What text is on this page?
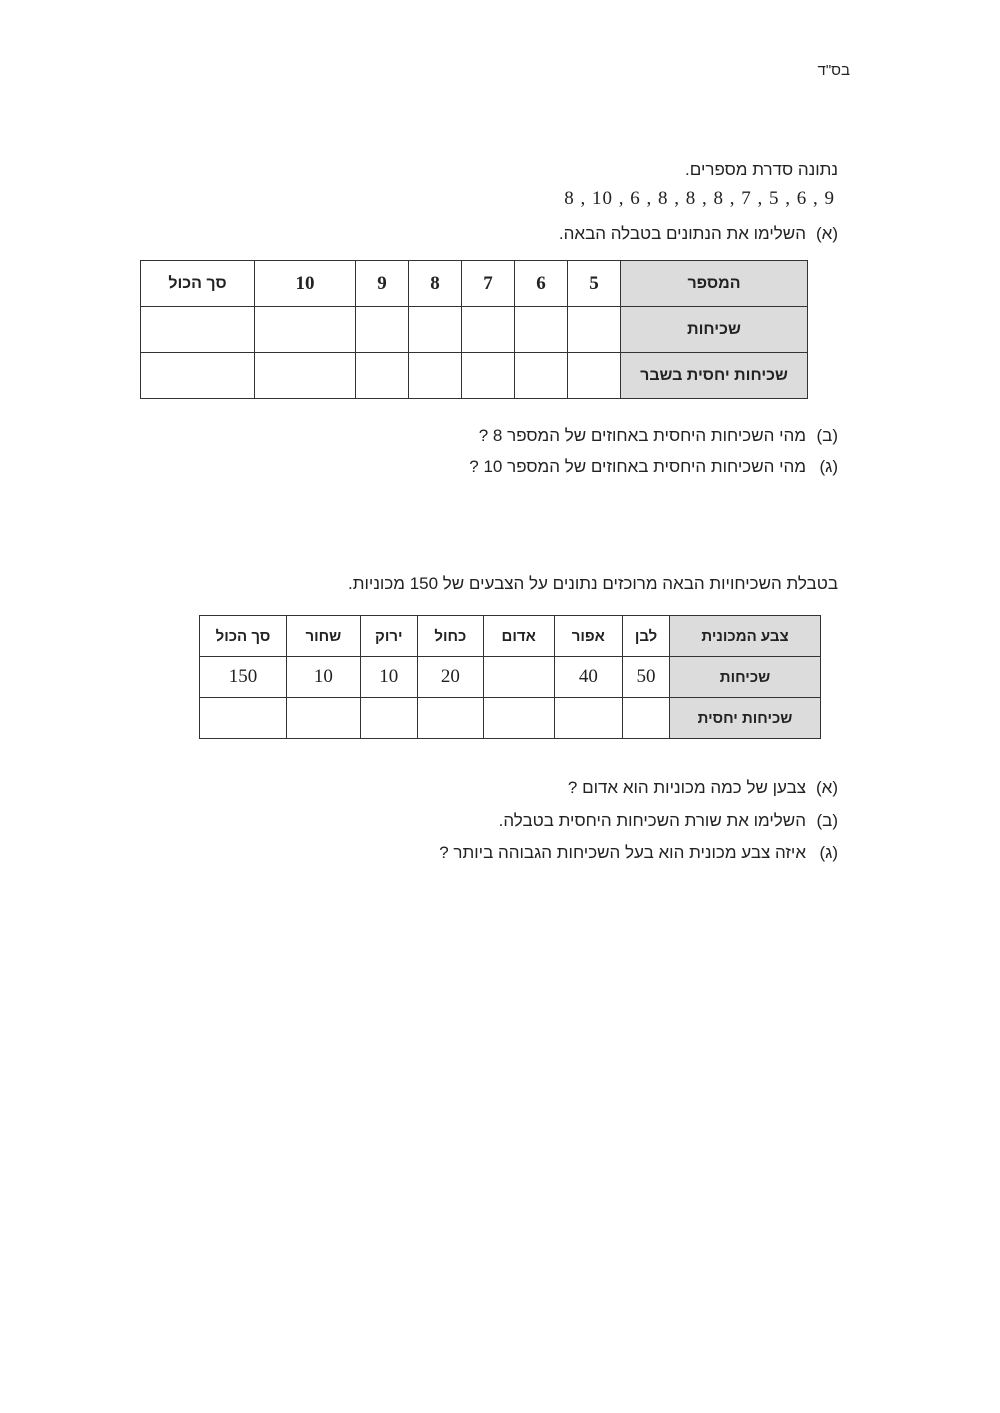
בס"ד
נתונה סדרת מספרים.
8 , 10 , 6 , 8 , 8 , 8 , 7 , 5 , 6 , 9
(א)השלימו את הנתונים בטבלה הבאה.
המספר	5	6	7	8	9	10	סך הכול
שכיחות							
שכיחות יחסית בשבר							
(ב)מהי השכיחות היחסית באחוזים של המספר 8 ?
(ג)מהי השכיחות היחסית באחוזים של המספר 10 ?
בטבלת השכיחויות הבאה מרוכזים נתונים על הצבעים של 150 מכוניות.
צבע המכונית	לבן	אפור	אדום	כחול	ירוק	שחור	סך הכול
שכיחות	50	40		20	10	10	150
שכיחות יחסית							
(א)צבען של כמה מכוניות הוא אדום ?
(ב)השלימו את שורת השכיחות היחסית בטבלה.
(ג)איזה צבע מכונית הוא בעל השכיחות הגבוהה ביותר ?
